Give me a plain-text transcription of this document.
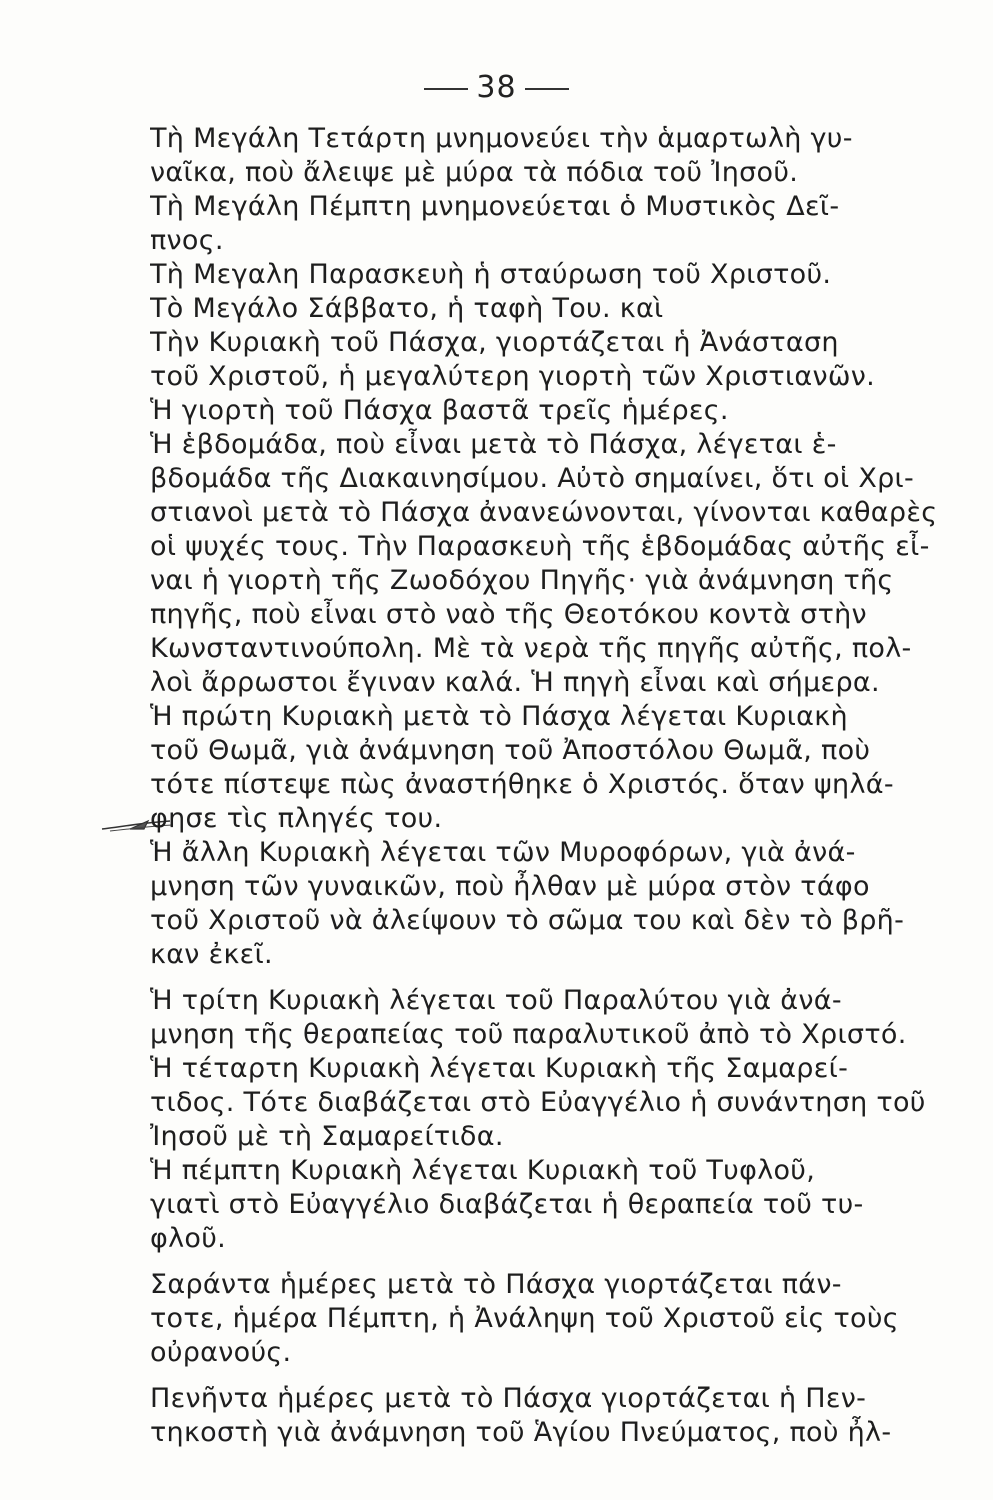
38
Τὴ Μεγάλη Τετάρτη μνημονεύει τὴν ἁμαρτωλὴ γυ-
ναῖκα, ποὺ ἄλειψε μὲ μύρα τὰ πόδια τοῦ Ἰησοῦ.
Τὴ Μεγάλη Πέμπτη μνημονεύεται ὁ Μυστικὸς Δεῖ-
πνος.
Τὴ Μεγαλη Παρασκευὴ ἡ σταύρωση τοῦ Χριστοῦ.
Τὸ Μεγάλο Σάββατο, ἡ ταφὴ Του. καὶ
Τὴν Κυριακὴ τοῦ Πάσχα, γιορτάζεται ἡ Ἀνάσταση
τοῦ Χριστοῦ, ἡ μεγαλύτερη γιορτὴ τῶν Χριστιανῶν.
Ἡ γιορτὴ τοῦ Πάσχα βαστᾶ τρεῖς ἡμέρες.
Ἡ ἑβδομάδα, ποὺ εἶναι μετὰ τὸ Πάσχα, λέγεται ἑ-
βδομάδα τῆς Διακαινησίμου. Αὐτὸ σημαίνει, ὅτι οἱ Χρι-
στιανοὶ μετὰ τὸ Πάσχα ἀνανεώνονται, γίνονται καθαρὲς
οἱ ψυχές τους. Τὴν Παρασκευὴ τῆς ἑβδομάδας αὐτῆς εἶ-
ναι ἡ γιορτὴ τῆς Ζωοδόχου Πηγῆς· γιὰ ἀνάμνηση τῆς
πηγῆς, ποὺ εἶναι στὸ ναὸ τῆς Θεοτόκου κοντὰ στὴν
Κωνσταντινούπολη. Μὲ τὰ νερὰ τῆς πηγῆς αὐτῆς, πολ-
λοὶ ἄρρωστοι ἔγιναν καλά. Ἡ πηγὴ εἶναι καὶ σήμερα.
Ἡ πρώτη Κυριακὴ μετὰ τὸ Πάσχα λέγεται Κυριακὴ
τοῦ Θωμᾶ, γιὰ ἀνάμνηση τοῦ Ἀποστόλου Θωμᾶ, ποὺ
τότε πίστεψε πὼς ἀναστήθηκε ὁ Χριστός. ὅταν ψηλά-
φησε τὶς πληγές του.
Ἡ ἄλλη Κυριακὴ λέγεται τῶν Μυροφόρων, γιὰ ἀνά-
μνηση τῶν γυναικῶν, ποὺ ἦλθαν μὲ μύρα στὸν τάφο
τοῦ Χριστοῦ νὰ ἀλείψουν τὸ σῶμα του καὶ δὲν τὸ βρῆ-
καν ἐκεῖ.
Ἡ τρίτη Κυριακὴ λέγεται τοῦ Παραλύτου γιὰ ἀνά-
μνηση τῆς θεραπείας τοῦ παραλυτικοῦ ἀπὸ τὸ Χριστό.
Ἡ τέταρτη Κυριακὴ λέγεται Κυριακὴ τῆς Σαμαρεί-
τιδος. Τότε διαβάζεται στὸ Εὐαγγέλιο ἡ συνάντηση τοῦ
Ἰησοῦ μὲ τὴ Σαμαρείτιδα.
Ἡ πέμπτη Κυριακὴ λέγεται Κυριακὴ τοῦ Τυφλοῦ,
γιατὶ στὸ Εὐαγγέλιο διαβάζεται ἡ θεραπεία τοῦ τυ-
φλοῦ.
Σαράντα ἡμέρες μετὰ τὸ Πάσχα γιορτάζεται πάν-
τοτε, ἡμέρα Πέμπτη, ἡ Ἀνάληψη τοῦ Χριστοῦ εἰς τοὺς
οὐρανούς.
Πενῆντα ἡμέρες μετὰ τὸ Πάσχα γιορτάζεται ἡ Πεν-
τηκοστὴ γιὰ ἀνάμνηση τοῦ Ἁγίου Πνεύματος, ποὺ ἦλ-
